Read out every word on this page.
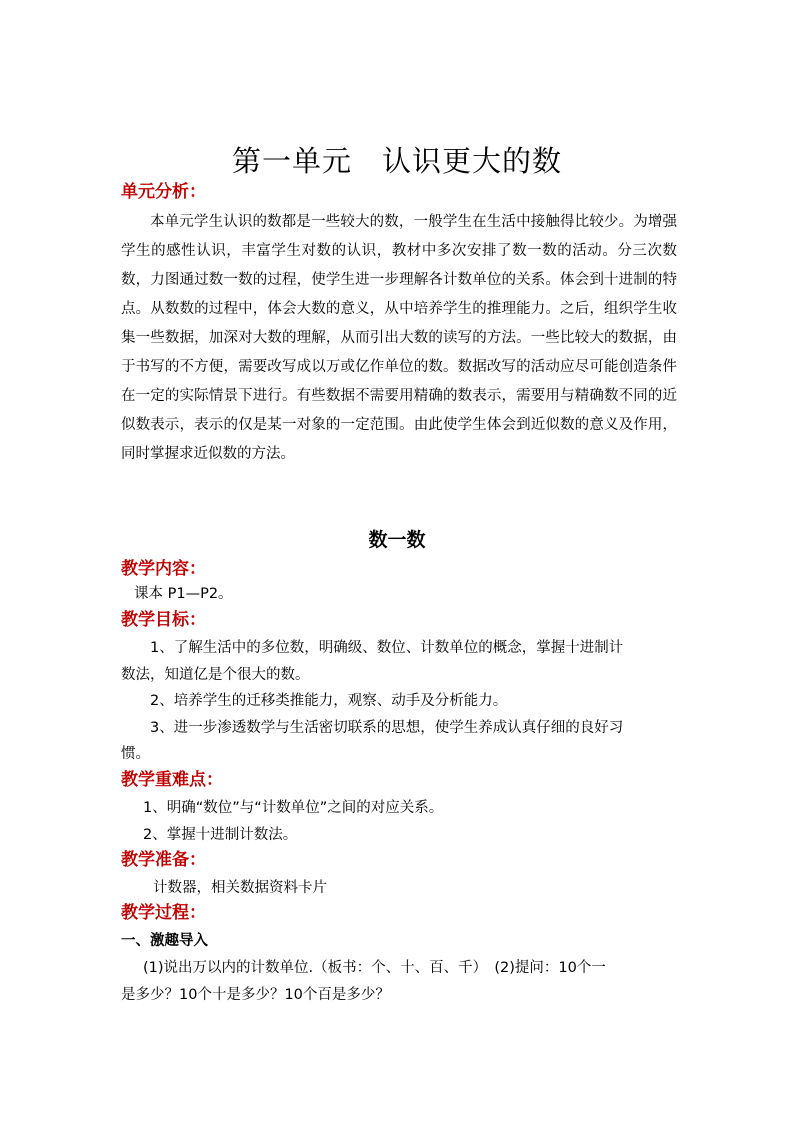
第一单元　认识更大的数
单元分析：
本单元学生认识的数都是一些较大的数，一般学生在生活中接触得比较少。为增强学生的感性认识，丰富学生对数的认识，教材中多次安排了数一数的活动。分三次数数，力图通过数一数的过程，使学生进一步理解各计数单位的关系。体会到十进制的特点。从数数的过程中，体会大数的意义，从中培养学生的推理能力。之后，组织学生收集一些数据，加深对大数的理解，从而引出大数的读写的方法。一些比较大的数据，由于书写的不方便，需要改写成以万或亿作单位的数。数据改写的活动应尽可能创造条件在一定的实际情景下进行。有些数据不需要用精确的数表示，需要用与精确数不同的近似数表示，表示的仅是某一对象的一定范围。由此使学生体会到近似数的意义及作用，同时掌握求近似数的方法。
数一数
教学内容：
课本 P1—P2。
教学目标：
1、了解生活中的多位数，明确级、数位、计数单位的概念，掌握十进制计
数法，知道亿是个很大的数。
2、培养学生的迁移类推能力，观察、动手及分析能力。
3、进一步渗透数学与生活密切联系的思想，使学生养成认真仔细的良好习
惯。
教学重难点：
1、明确“数位”与“计数单位”之间的对应关系。
2、掌握十进制计数法。
教学准备：
计数器，相关数据资料卡片
教学过程：
一、激趣导入
(1)说出万以内的计数单位.（板书：个、十、百、千）　(2)提问：10个一
是多少？10个十是多少？10个百是多少？
